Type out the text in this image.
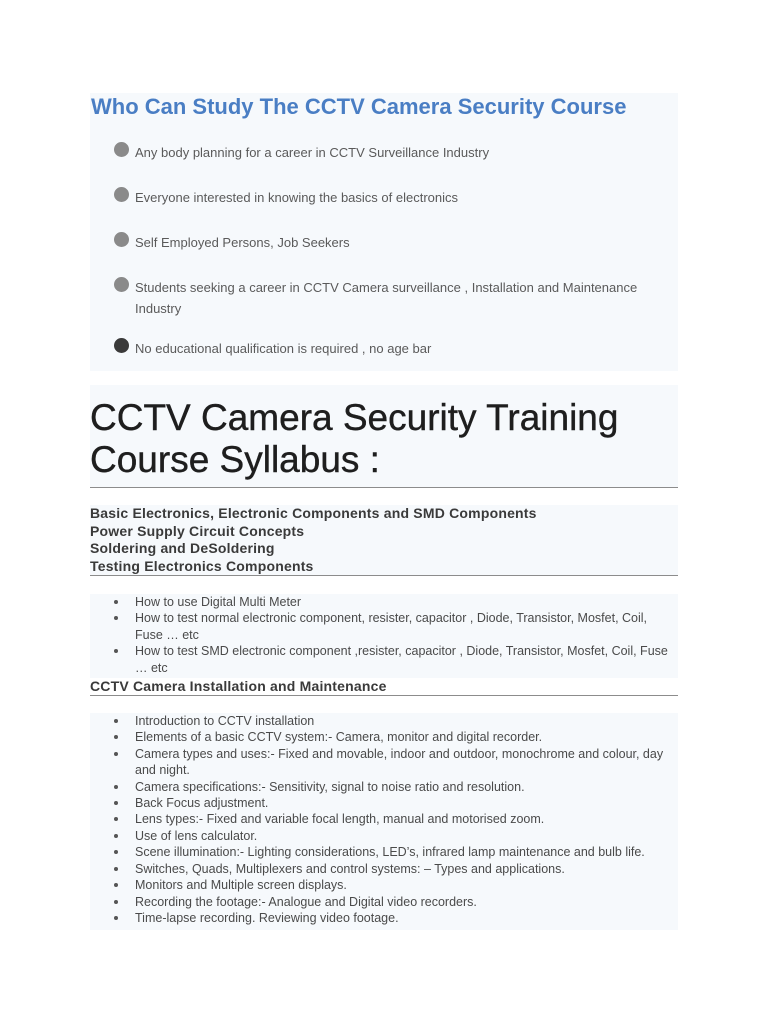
Who Can Study The CCTV Camera Security Course
Any body planning for a career in CCTV Surveillance Industry
Everyone interested in knowing the basics of electronics
Self Employed Persons, Job Seekers
Students seeking a career in CCTV Camera surveillance , Installation and Maintenance Industry
No educational qualification is required , no age bar
CCTV Camera Security Training Course Syllabus :
Basic Electronics, Electronic Components and SMD Components
Power Supply Circuit Concepts
Soldering and DeSoldering
Testing Electronics Components
How to use Digital Multi Meter
How to test normal electronic component, resister, capacitor , Diode, Transistor, Mosfet, Coil, Fuse … etc
How to test SMD electronic component ,resister, capacitor , Diode, Transistor, Mosfet, Coil, Fuse … etc
CCTV Camera Installation and Maintenance
Introduction to CCTV installation
Elements of a basic CCTV system:- Camera, monitor and digital recorder.
Camera types and uses:- Fixed and movable, indoor and outdoor, monochrome and colour, day and night.
Camera specifications:- Sensitivity, signal to noise ratio and resolution.
Back Focus adjustment.
Lens types:- Fixed and variable focal length, manual and motorised zoom.
Use of lens calculator.
Scene illumination:- Lighting considerations, LED’s, infrared lamp maintenance and bulb life.
Switches, Quads, Multiplexers and control systems: – Types and applications.
Monitors and Multiple screen displays.
Recording the footage:- Analogue and Digital video recorders.
Time-lapse recording. Reviewing video footage.
